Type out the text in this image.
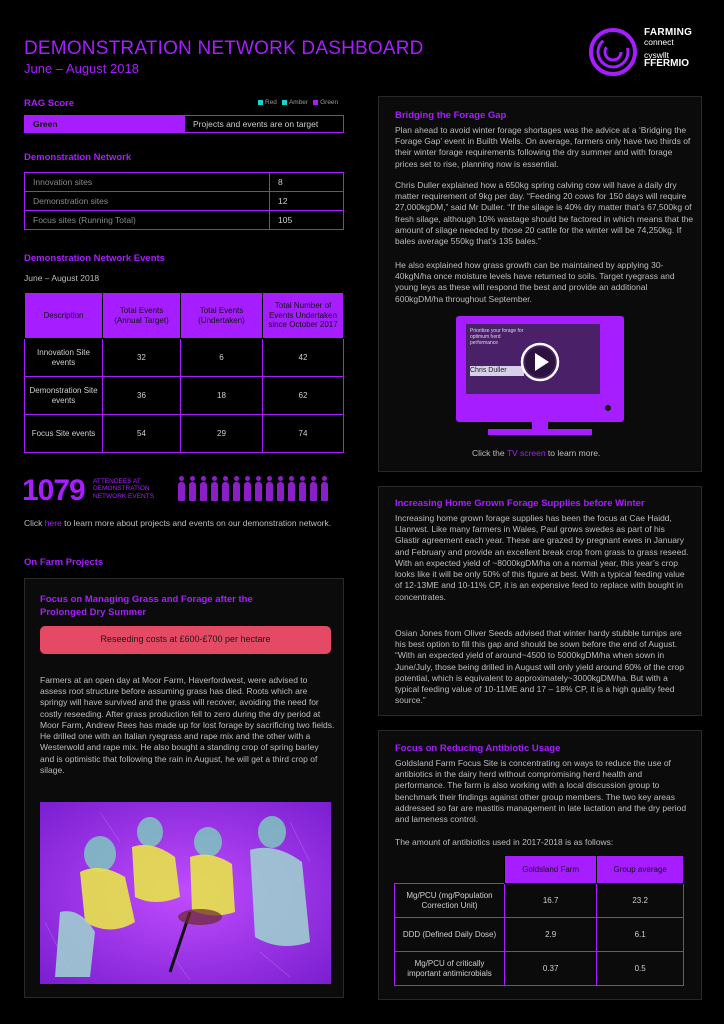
DEMONSTRATION NETWORK DASHBOARD
June – August 2018
FARMING
connect
cyswllt
FFERMIO
RAG Score	Red	Amber	Green
Green	Projects and events are on target
Demonstration Network
Innovation sites	8
Demonstration sites	12
Focus sites (Running Total)	105
Demonstration Network Events
June – August 2018
Description	Total Events (Annual Target)	Total Events (Undertaken)	Total Number of Events Undertaken since October 2017
Innovation Site events	32	6	42
Demonstration Site events	36	18	62
Focus Site events	54	29	74
1079 ATTENDEES AT
DEMONSTRATION
NETWORK EVENTS
Click here to learn more about projects and events on our demonstration network.
On Farm Projects
Focus on Managing Grass and Forage after the Prolonged Dry Summer
Reseeding costs at £600-£700 per hectare
Farmers at an open day at Moor Farm, Haverfordwest, were advised to assess root structure before assuming grass has died. Roots which are springy will have survived and the grass will recover, avoiding the need for costly reseeding. After grass production fell to zero during the dry period at Moor Farm, Andrew Rees has made up for lost forage by sacrificing two fields. He drilled one with an Italian ryegrass and rape mix and the other with a Westerwold and rape mix. He also bought a standing crop of spring barley and is optimistic that following the rain in August, he will get a third crop of silage.
Bridging the Forage Gap
Plan ahead to avoid winter forage shortages was the advice at a ‘Bridging the Forage Gap’ event in Builth Wells. On average, farmers only have two thirds of their winter forage requirements following the dry summer and with forage prices set to rise, planning now is essential.
Chris Duller explained how a 650kg spring calving cow will have a daily dry matter requirement of 9kg per day. “Feeding 20 cows for 150 days will require 27,000kgDM,” said Mr Duller. “If the silage is 40% dry matter that’s 67,500kg of fresh silage, although 10% wastage should be factored in which means that the amount of silage needed by those 20 cattle for the winter will be 74,250kg. If bales average 550kg that’s 135 bales.”
He also explained how grass growth can be maintained by applying 30-40kgN/ha once moisture levels have returned to soils. Target ryegrass and young leys as these will respond the best and provide an additional 600kgDM/ha throughout September.
Prioritise your forage for optimum herd performance
Chris Duller
Click the TV screen to learn more.
Increasing Home Grown Forage Supplies before Winter
Increasing home grown forage supplies has been the focus at Cae Haidd, Llanrwst. Like many farmers in Wales, Paul grows swedes as part of his Glastir agreement each year. These are grazed by pregnant ewes in January and February and provide an excellent break crop from grass to grass reseed. With an expected yield of ~8000kgDM/ha on a normal year, this year’s crop looks like it will be only 50% of this figure at best. With a typical feeding value of 12-13ME and 10-11% CP, it is an expensive feed to replace with bought in concentrates.
Osian Jones from Oliver Seeds advised that winter hardy stubble turnips are his best option to fill this gap and should be sown before the end of August. “With an expected yield of around~4500 to 5000kgDM/ha when sown in June/July, those being drilled in August will only yield around 60% of the crop potential, which is equivalent to approximately~3000kgDM/ha. But with a typical feeding value of 10-11ME and 17 – 18% CP, it is a high quality feed source.”
Focus on Reducing Antibiotic Usage
Goldsland Farm Focus Site is concentrating on ways to reduce the use of antibiotics in the dairy herd without compromising herd health and performance. The farm is also working with a local discussion group to benchmark their findings against other group members. The two key areas addressed so far are mastitis management in late lactation and the dry period and lameness control.
The amount of antibiotics used in 2017-2018 is as follows:
	Goldsland Farm	Group average
Mg/PCU (mg/Population Correction Unit)	16.7	23.2
DDD (Defined Daily Dose)	2.9	6.1
Mg/PCU of critically important antimicrobials	0.37	0.5
